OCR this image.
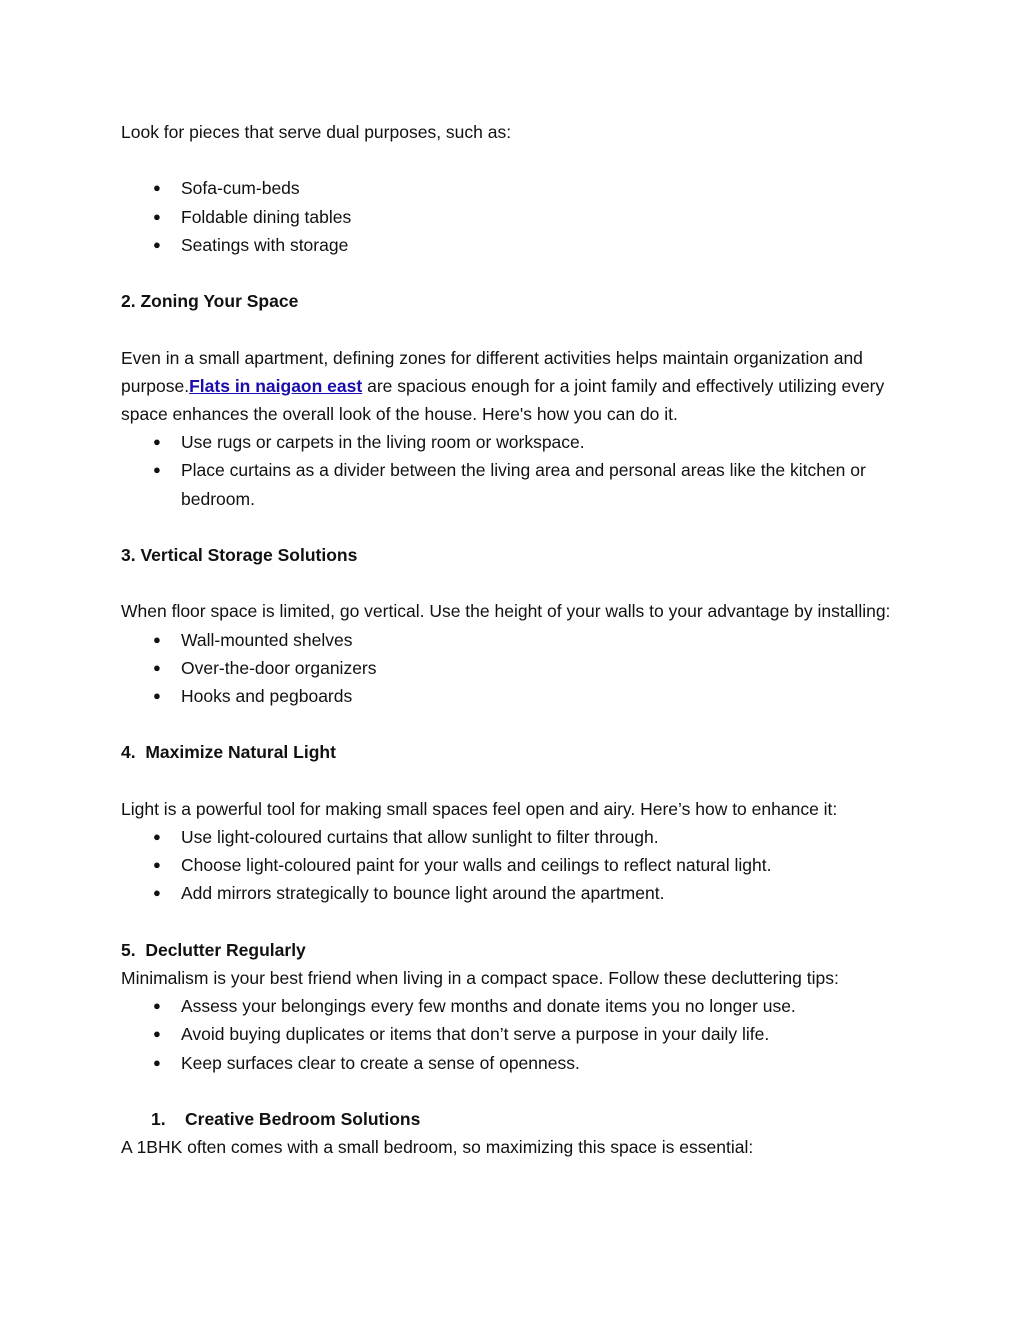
Look for pieces that serve dual purposes, such as:

● Sofa-cum-beds
● Foldable dining tables
● Seatings with storage

2. Zoning Your Space

Even in a small apartment, defining zones for different activities helps maintain organization and purpose.Flats in naigaon east are spacious enough for a joint family and effectively utilizing every space enhances the overall look of the house. Here's how you can do it.

● Use rugs or carpets in the living room or workspace.
● Place curtains as a divider between the living area and personal areas like the kitchen or bedroom.

3. Vertical Storage Solutions

When floor space is limited, go vertical. Use the height of your walls to your advantage by installing:

● Wall-mounted shelves
● Over-the-door organizers
● Hooks and pegboards

4.  Maximize Natural Light

Light is a powerful tool for making small spaces feel open and airy. Here’s how to enhance it:

● Use light-coloured curtains that allow sunlight to filter through.
● Choose light-coloured paint for your walls and ceilings to reflect natural light.
● Add mirrors strategically to bounce light around the apartment.

5.  Declutter Regularly

Minimalism is your best friend when living in a compact space. Follow these decluttering tips:

● Assess your belongings every few months and donate items you no longer use.
● Avoid buying duplicates or items that don’t serve a purpose in your daily life.
● Keep surfaces clear to create a sense of openness.

1. Creative Bedroom Solutions

A 1BHK often comes with a small bedroom, so maximizing this space is essential:
